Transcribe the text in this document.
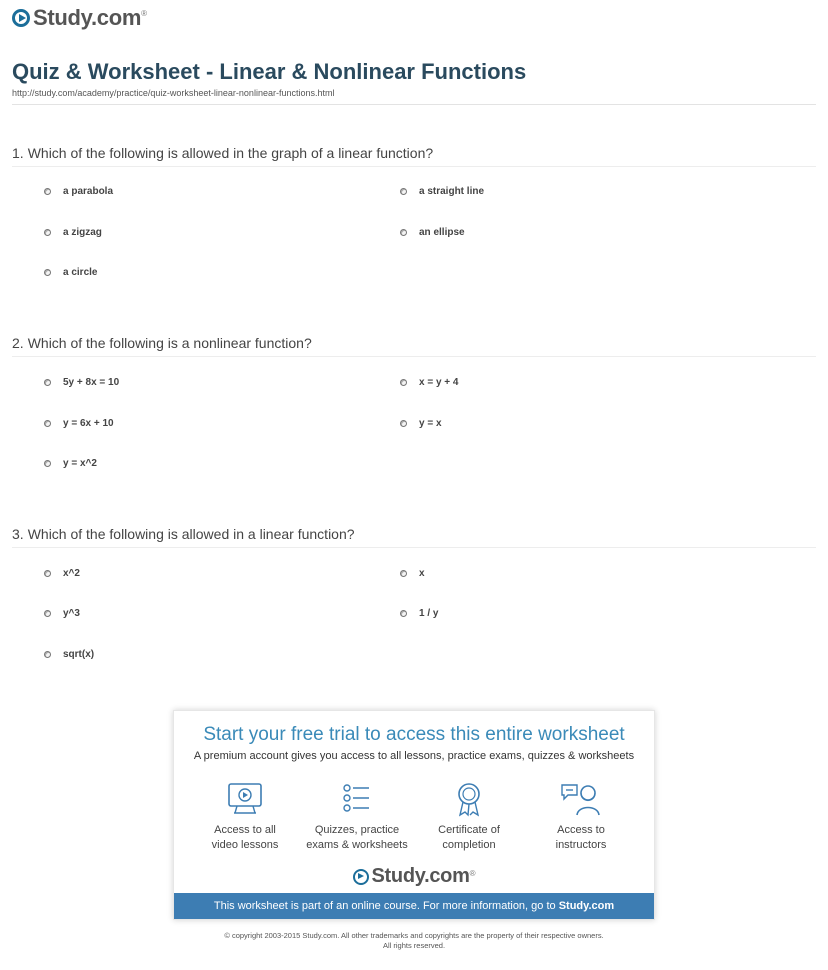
Study.com ®
Quiz & Worksheet - Linear & Nonlinear Functions
http://study.com/academy/practice/quiz-worksheet-linear-nonlinear-functions.html
1. Which of the following is allowed in the graph of a linear function?
a parabola	a straight line
a zigzag	an ellipse
a circle
2. Which of the following is a nonlinear function?
5y + 8x = 10	x = y + 4
y = 6x + 10	y = x
y = x^2
3. Which of the following is allowed in a linear function?
x^2	x
y^3	1 / y
sqrt(x)
Start your free trial to access this entire worksheet
A premium account gives you access to all lessons, practice exams, quizzes & worksheets
Access to all
video lessons
Quizzes, practice
exams & worksheets
Certificate of
completion
Access to
instructors
Study.com ®
This worksheet is part of an online course. For more information, go to Study.com
© copyright 2003-2015 Study.com. All other trademarks and copyrights are the property of their respective owners.
All rights reserved.
